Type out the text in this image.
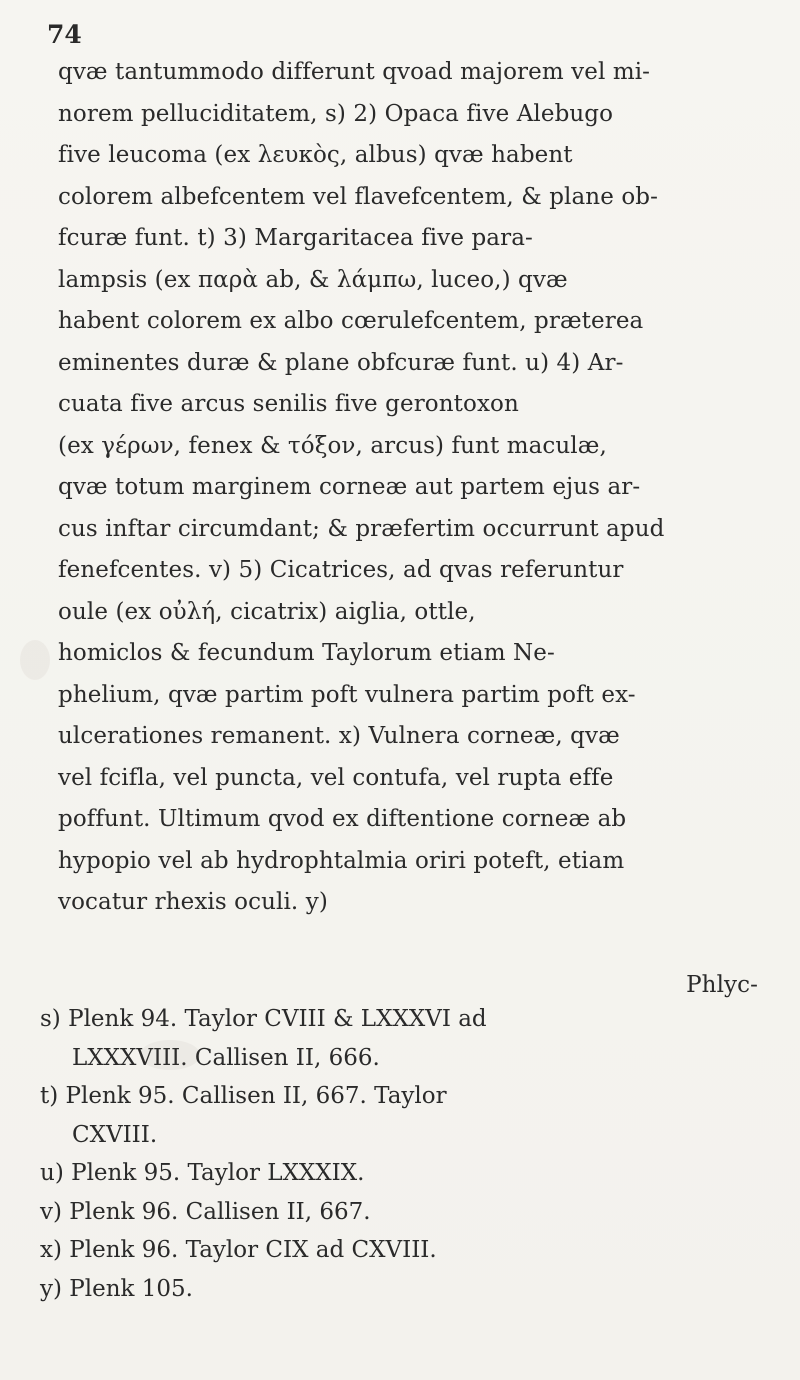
74
qvæ tantummodo differunt qvoad majorem vel mi-
norem pelluciditatem, s) 2) Opaca five Alebugo
five leucoma (ex λευκὸς, albus) qvæ habent
colorem albefcentem vel flavefcentem, & plane ob-
fcuræ funt. t) 3) Margaritacea five para-
lampsis (ex παρὰ ab, & λάμπω, luceo,) qvæ
habent colorem ex albo cœrulefcentem, præterea
eminentes duræ & plane obfcuræ funt. u) 4) Ar-
cuata five arcus senilis five gerontoxon
(ex γέρων, fenex & τόξον, arcus) funt maculæ,
qvæ totum marginem corneæ aut partem ejus ar-
cus inftar circumdant; & præfertim occurrunt apud
fenefcentes. v) 5) Cicatrices, ad qvas referuntur
oule (ex οὐλή, cicatrix) aiglia, ottle,
homiclos & fecundum Taylorum etiam Ne-
phelium, qvæ partim poft vulnera partim poft ex-
ulcerationes remanent. x) Vulnera corneæ, qvæ
vel fcifla, vel puncta, vel contufa, vel rupta effe
poffunt. Ultimum qvod ex diftentione corneæ ab
hypopio vel ab hydrophtalmia oriri poteft, etiam
vocatur rhexis oculi. y)
Phlyc-
s) Plenk 94. Taylor CVIII & LXXXVI ad
LXXXVIII. Callisen II, 666.
t) Plenk 95. Callisen II, 667. Taylor
CXVIII.
u) Plenk 95. Taylor LXXXIX.
v) Plenk 96. Callisen II, 667.
x) Plenk 96. Taylor CIX ad CXVIII.
y) Plenk 105.
